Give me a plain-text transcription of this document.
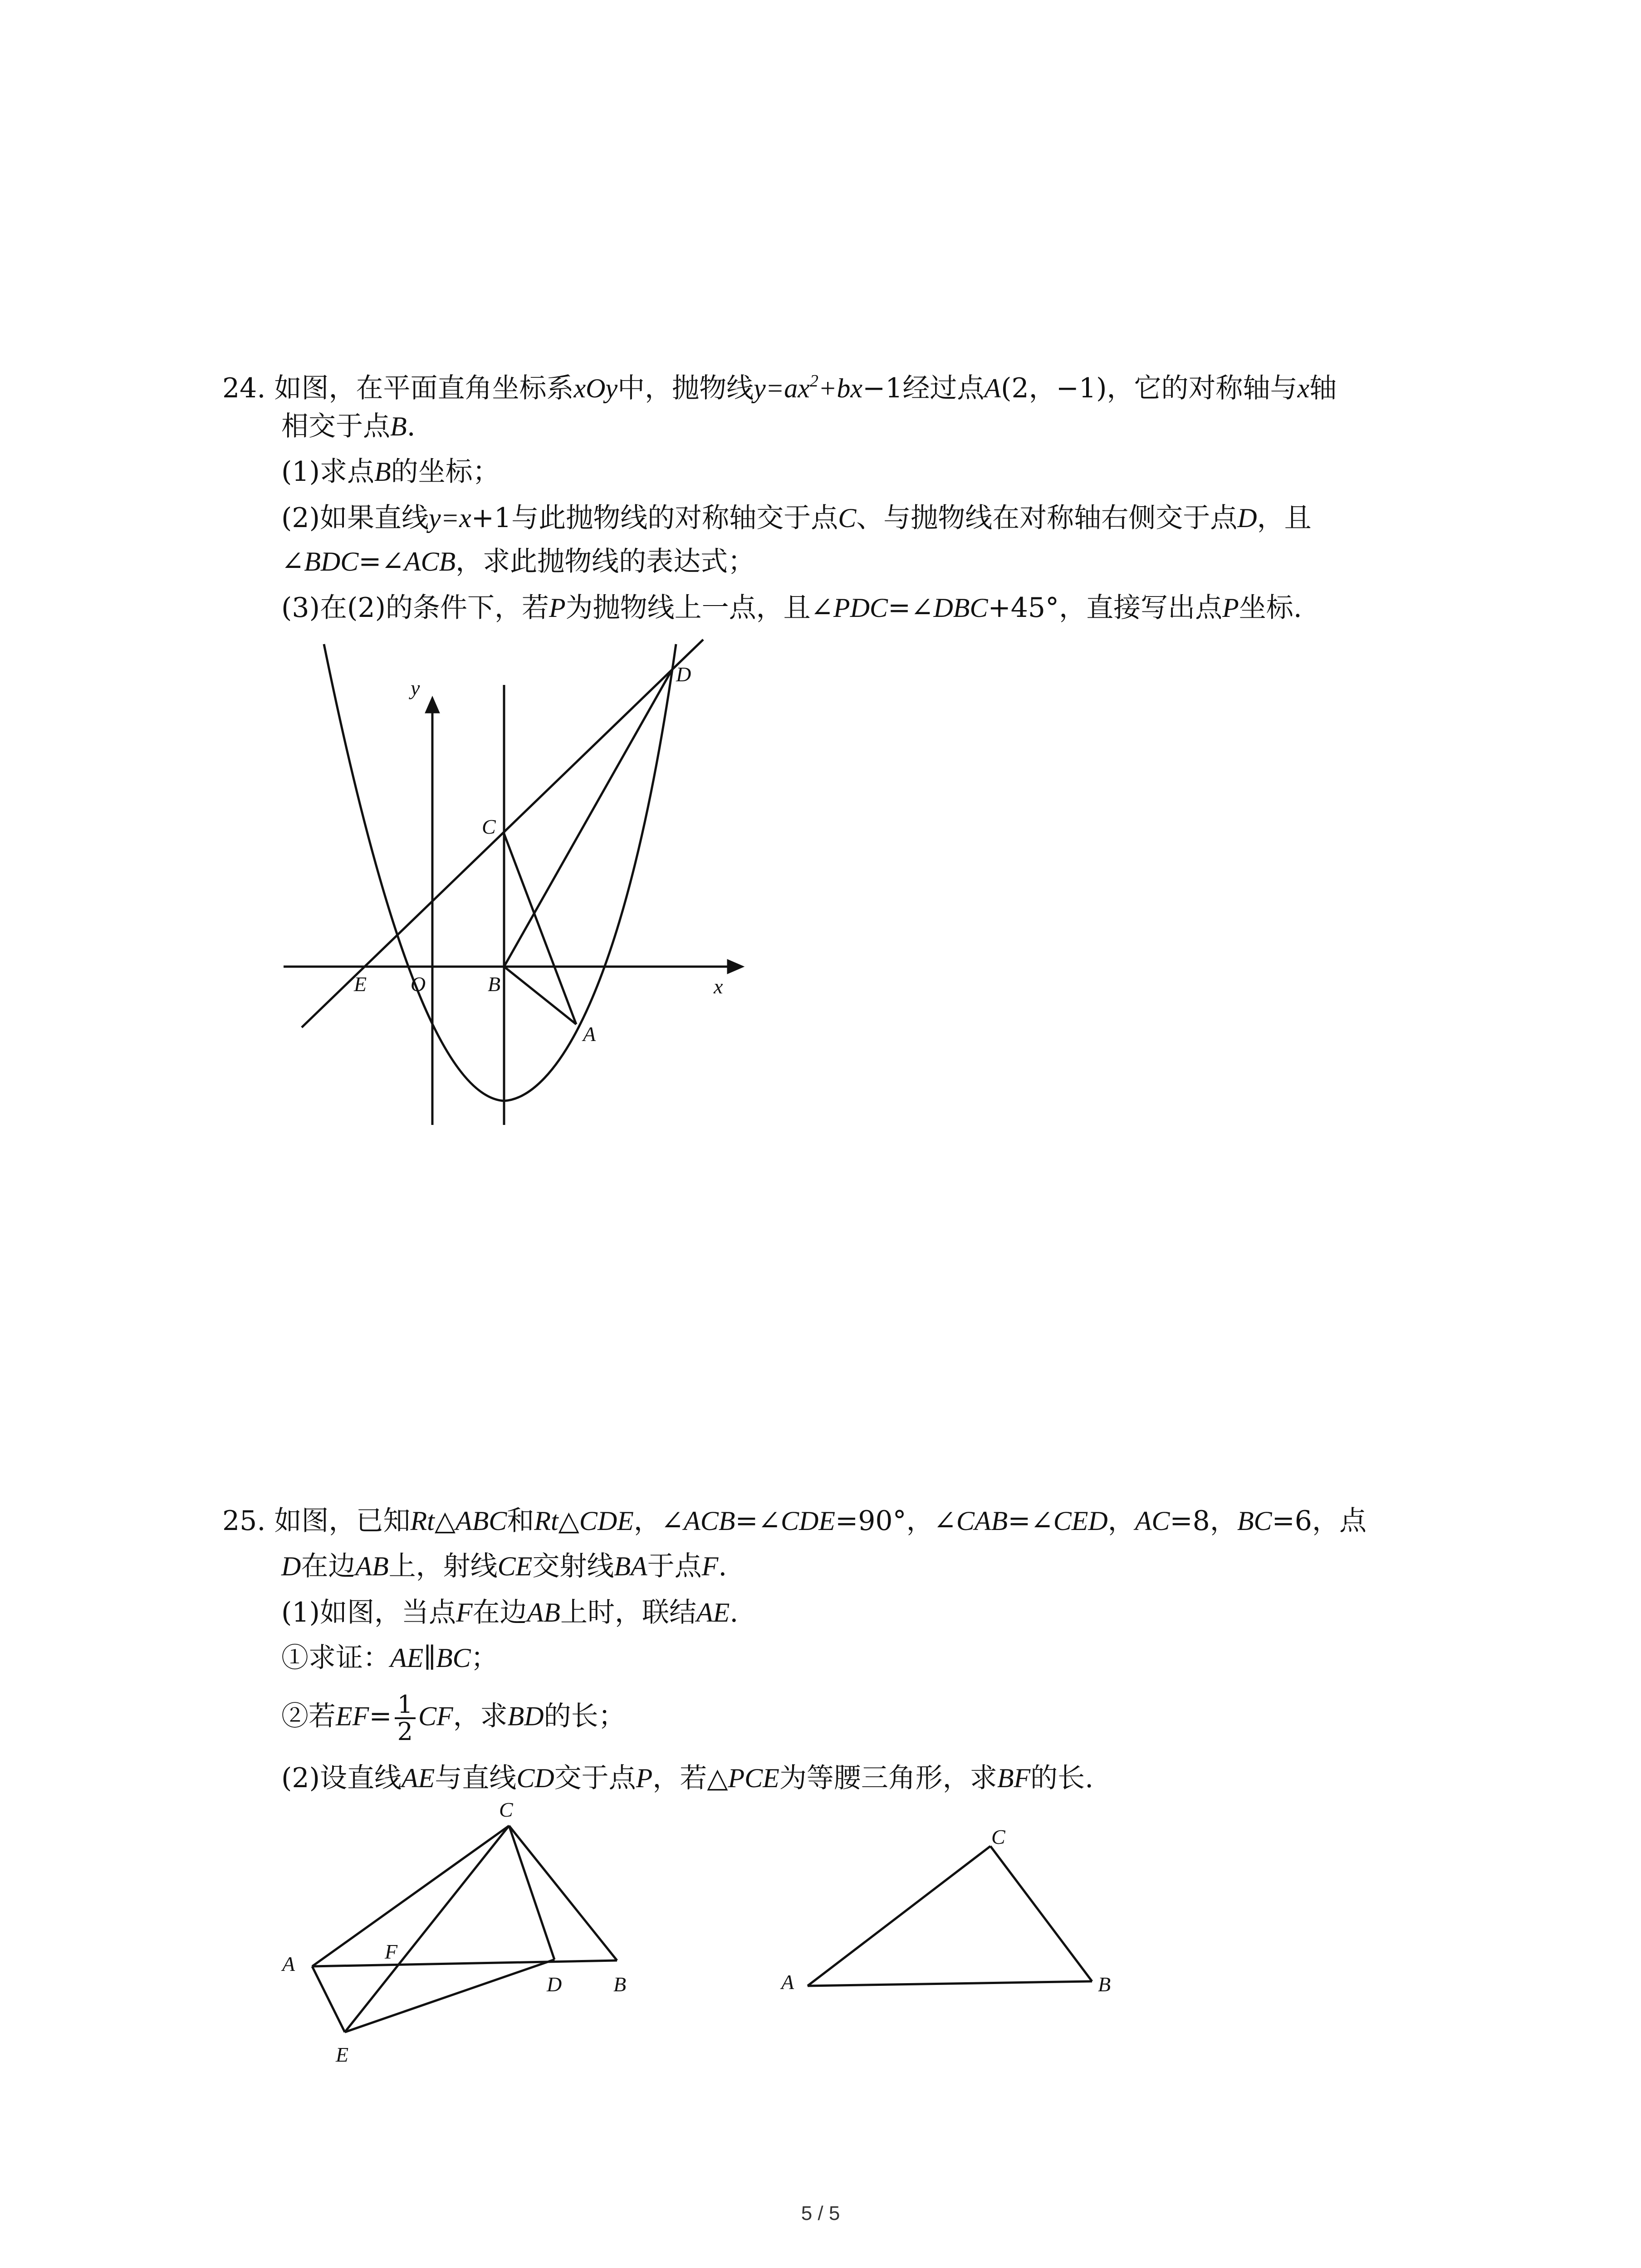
24. 如图，在平面直角坐标系xOy中，抛物线$y=ax^2+bx-1$经过点A(2，−1)，它的对称轴与x轴
相交于点B.
(1)求点B的坐标；
(2)如果直线y=x+1与此抛物线的对称轴交于点C、与抛物线在对称轴右侧交于点D，且
∠BDC=∠ACB，求此抛物线的表达式；
(3)在(2)的条件下，若P为抛物线上一点，且∠PDC=∠DBC+45°，直接写出点P坐标.
y
D
C
E O	B	x
A
25. 如图，已知Rt△ABC和Rt△CDE，∠ACB=∠CDE=90°，∠CAB=∠CED，AC=8，BC=6，点
D在边AB上，射线CE交射线BA于点F.
(1)如图，当点F在边AB上时，联结AE.
①求证：AE∥BC；
②若$EF= \frac{1}{2}$ CF，求BD的长；
(2)设直线AE与直线CD交于点P，若△PCE为等腰三角形，求BF的长.
C
A
F
D B
E
C
A	B
5 / 5
